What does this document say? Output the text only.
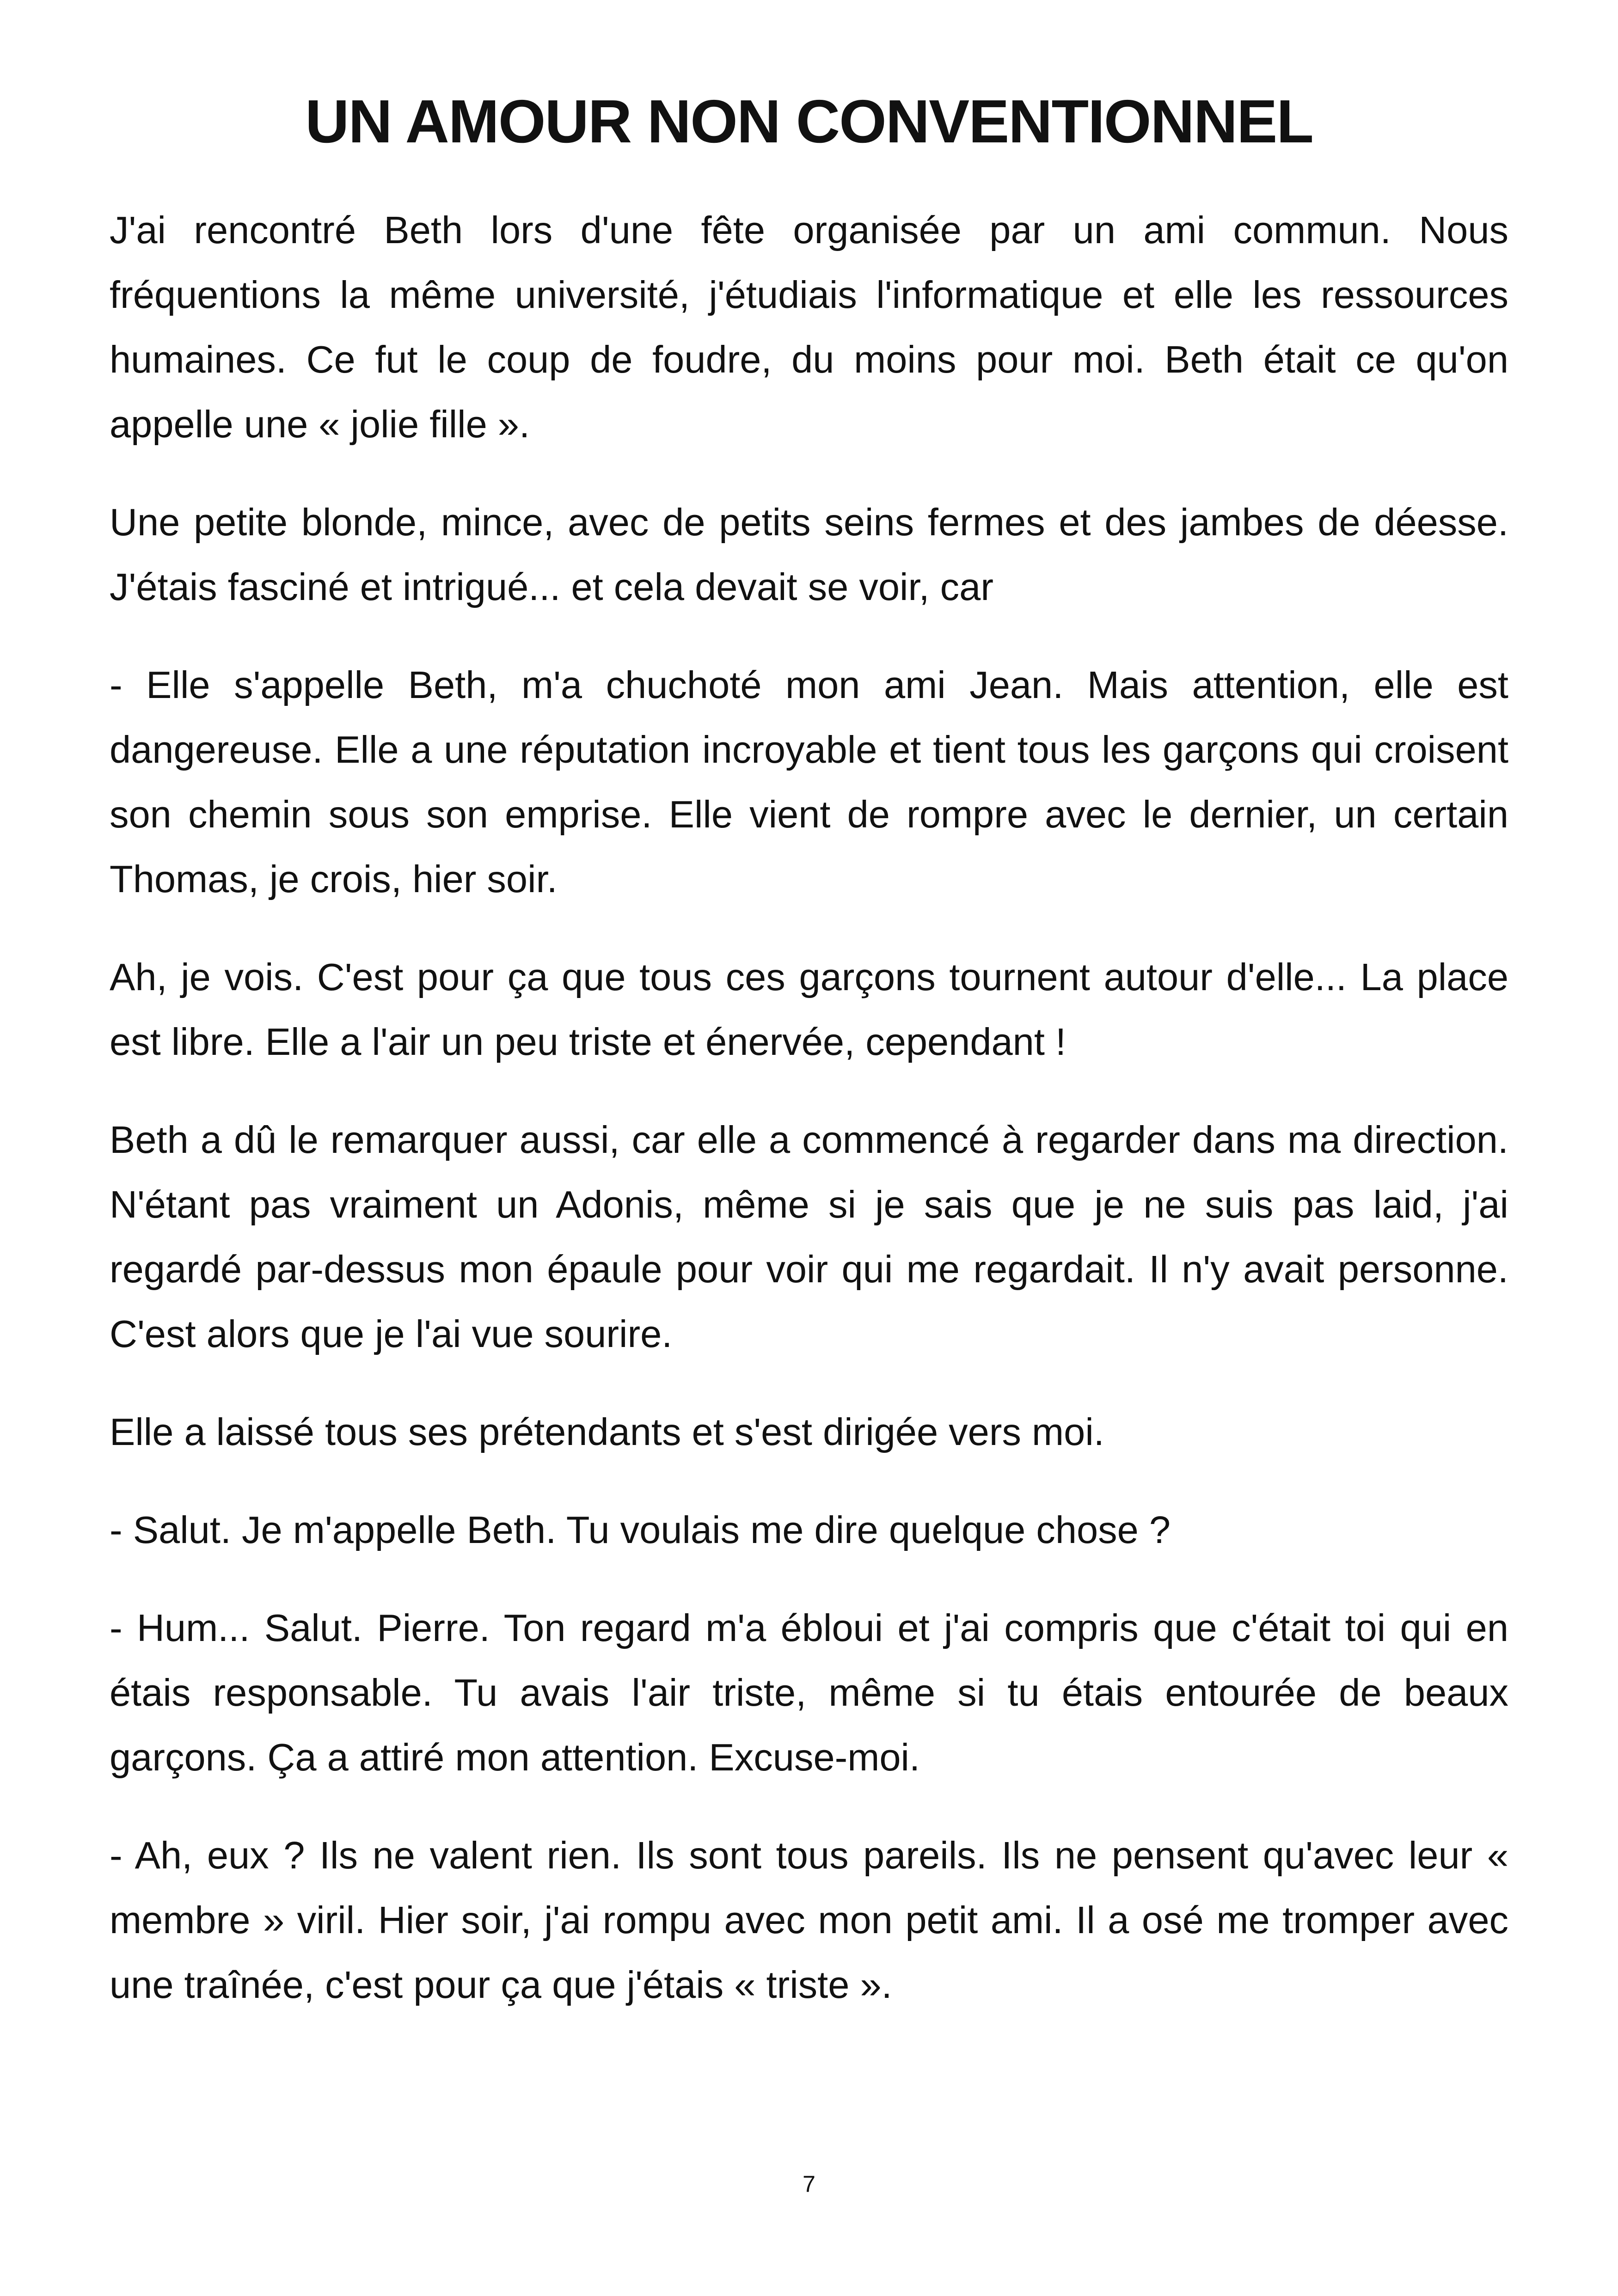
UN AMOUR NON CONVENTIONNEL

J'ai rencontré Beth lors d'une fête organisée par un ami commun. Nous fréquentions la même université, j'étudiais l'informatique et elle les ressources humaines. Ce fut le coup de foudre, du moins pour moi. Beth était ce qu'on appelle une « jolie fille ».

Une petite blonde, mince, avec de petits seins fermes et des jambes de déesse. J'étais fasciné et intrigué... et cela devait se voir, car

- Elle s'appelle Beth, m'a chuchoté mon ami Jean. Mais attention, elle est dangereuse. Elle a une réputation incroyable et tient tous les garçons qui croisent son chemin sous son emprise. Elle vient de rompre avec le dernier, un certain Thomas, je crois, hier soir.

Ah, je vois. C'est pour ça que tous ces garçons tournent autour d'elle... La place est libre. Elle a l'air un peu triste et énervée, cependant !

Beth a dû le remarquer aussi, car elle a commencé à regarder dans ma direction. N'étant pas vraiment un Adonis, même si je sais que je ne suis pas laid, j'ai regardé par-dessus mon épaule pour voir qui me regardait. Il n'y avait personne. C'est alors que je l'ai vue sourire.

Elle a laissé tous ses prétendants et s'est dirigée vers moi.

- Salut. Je m'appelle Beth. Tu voulais me dire quelque chose ?

- Hum... Salut. Pierre. Ton regard m'a ébloui et j'ai compris que c'était toi qui en étais responsable. Tu avais l'air triste, même si tu étais entourée de beaux garçons. Ça a attiré mon attention. Excuse-moi.

- Ah, eux ? Ils ne valent rien. Ils sont tous pareils. Ils ne pensent qu'avec leur « membre » viril. Hier soir, j'ai rompu avec mon petit ami. Il a osé me tromper avec une traînée, c'est pour ça que j'étais « triste ».

7
